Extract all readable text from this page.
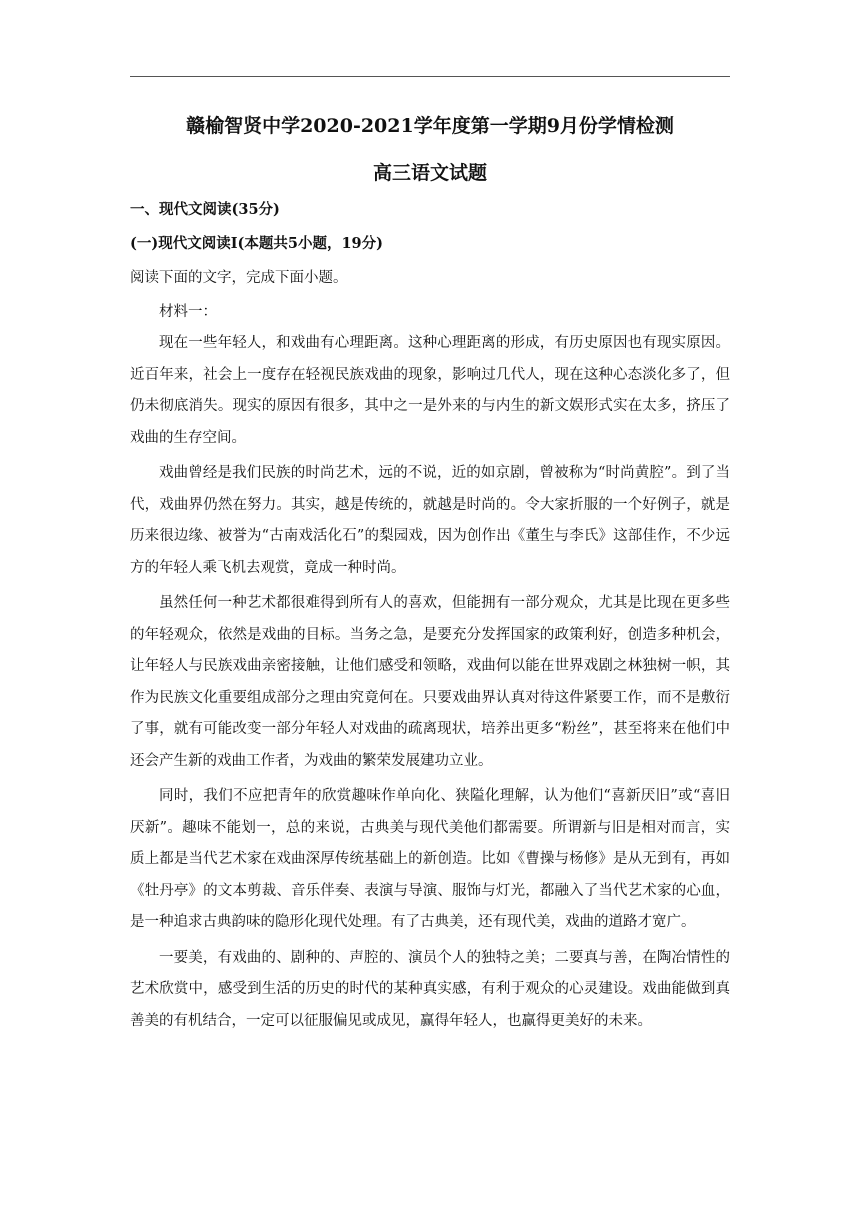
赣榆智贤中学2020-2021学年度第一学期9月份学情检测
高三语文试题
一、现代文阅读(35分)
(一)现代文阅读Ⅰ(本题共5小题，19分)
阅读下面的文字，完成下面小题。
材料一：

现在一些年轻人，和戏曲有心理距离。这种心理距离的形成，有历史原因也有现实原因。近百年来，社会上一度存在轻视民族戏曲的现象，影响过几代人，现在这种心态淡化多了，但仍未彻底消失。现实的原因有很多，其中之一是外来的与内生的新文娱形式实在太多，挤压了戏曲的生存空间。

戏曲曾经是我们民族的时尚艺术，远的不说，近的如京剧，曾被称为“时尚黄腔”。到了当代，戏曲界仍然在努力。其实，越是传统的，就越是时尚的。令大家折服的一个好例子，就是历来很边缘、被誉为“古南戏活化石”的梨园戏，因为创作出《董生与李氏》这部佳作，不少远方的年轻人乘飞机去观赏，竟成一种时尚。

虽然任何一种艺术都很难得到所有人的喜欢，但能拥有一部分观众，尤其是比现在更多些的年轻观众，依然是戏曲的目标。当务之急，是要充分发挥国家的政策利好，创造多种机会，让年轻人与民族戏曲亲密接触，让他们感受和领略，戏曲何以能在世界戏剧之林独树一帜，其作为民族文化重要组成部分之理由究竟何在。只要戏曲界认真对待这件紧要工作，而不是敷衍了事，就有可能改变一部分年轻人对戏曲的疏离现状，培养出更多“粉丝”，甚至将来在他们中还会产生新的戏曲工作者，为戏曲的繁荣发展建功立业。

同时，我们不应把青年的欣赏趣味作单向化、狭隘化理解，认为他们“喜新厌旧”或“喜旧厌新”。趣味不能划一，总的来说，古典美与现代美他们都需要。所谓新与旧是相对而言，实质上都是当代艺术家在戏曲深厚传统基础上的新创造。比如《曹操与杨修》是从无到有，再如《牡丹亭》的文本剪裁、音乐伴奏、表演与导演、服饰与灯光，都融入了当代艺术家的心血，是一种追求古典韵味的隐形化现代处理。有了古典美，还有现代美，戏曲的道路才宽广。

一要美，有戏曲的、剧种的、声腔的、演员个人的独特之美；二要真与善，在陶冶情性的艺术欣赏中，感受到生活的历史的时代的某种真实感，有利于观众的心灵建设。戏曲能做到真善美的有机结合，一定可以征服偏见或成见，赢得年轻人，也赢得更美好的未来。
